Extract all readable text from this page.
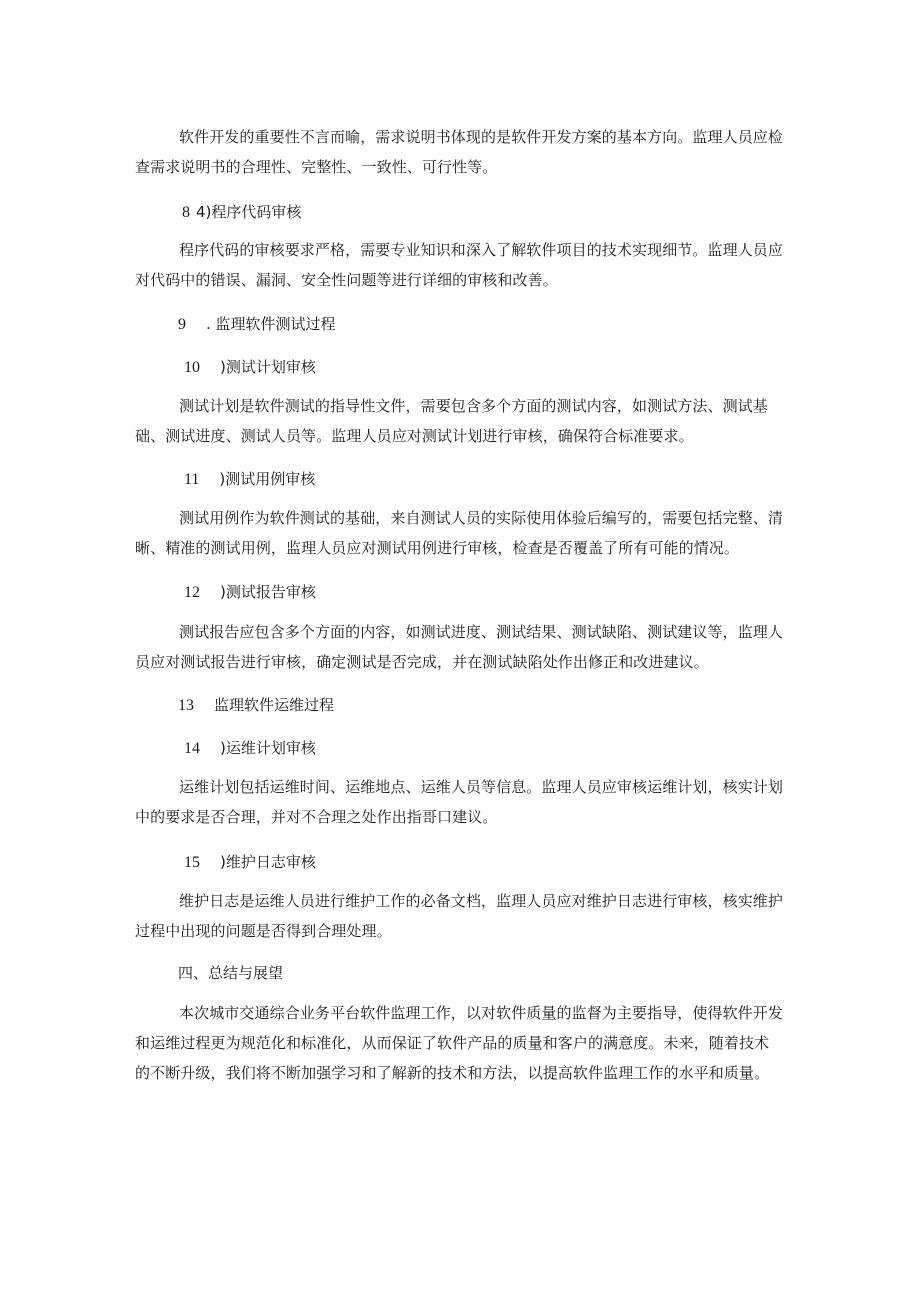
软件开发的重要性不言而喻，需求说明书体现的是软件开发方案的基本方向。监理人员应检查需求说明书的合理性、完整性、一致性、可行性等。

8 4)程序代码审核

程序代码的审核要求严格，需要专业知识和深入了解软件项目的技术实现细节。监理人员应对代码中的错误、漏洞、安全性问题等进行详细的审核和改善。

9 . 监理软件测试过程
10 )测试计划审核

测试计划是软件测试的指导性文件，需要包含多个方面的测试内容，如测试方法、测试基础、测试进度、测试人员等。监理人员应对测试计划进行审核，确保符合标准要求。

11 )测试用例审核

测试用例作为软件测试的基础，来自测试人员的实际使用体验后编写的，需要包括完整、清晰、精准的测试用例，监理人员应对测试用例进行审核，检查是否覆盖了所有可能的情况。

12 )测试报告审核

测试报告应包含多个方面的内容，如测试进度、测试结果、测试缺陷、测试建议等，监理人员应对测试报告进行审核，确定测试是否完成，并在测试缺陷处作出修正和改进建议。

13 监理软件运维过程
14 )运维计划审核

运维计划包括运维时间、运维地点、运维人员等信息。监理人员应审核运维计划，核实计划中的要求是否合理，并对不合理之处作出指哥口建议。

15 )维护日志审核

维护日志是运维人员进行维护工作的必备文档，监理人员应对维护日志进行审核，核实维护过程中出现的问题是否得到合理处理。

四、总结与展望

本次城市交通综合业务平台软件监理工作，以对软件质量的监督为主要指导，使得软件开发和运维过程更为规范化和标准化，从而保证了软件产品的质量和客户的满意度。未来，随着技术的不断升级，我们将不断加强学习和了解新的技术和方法，以提高软件监理工作的水平和质量。
